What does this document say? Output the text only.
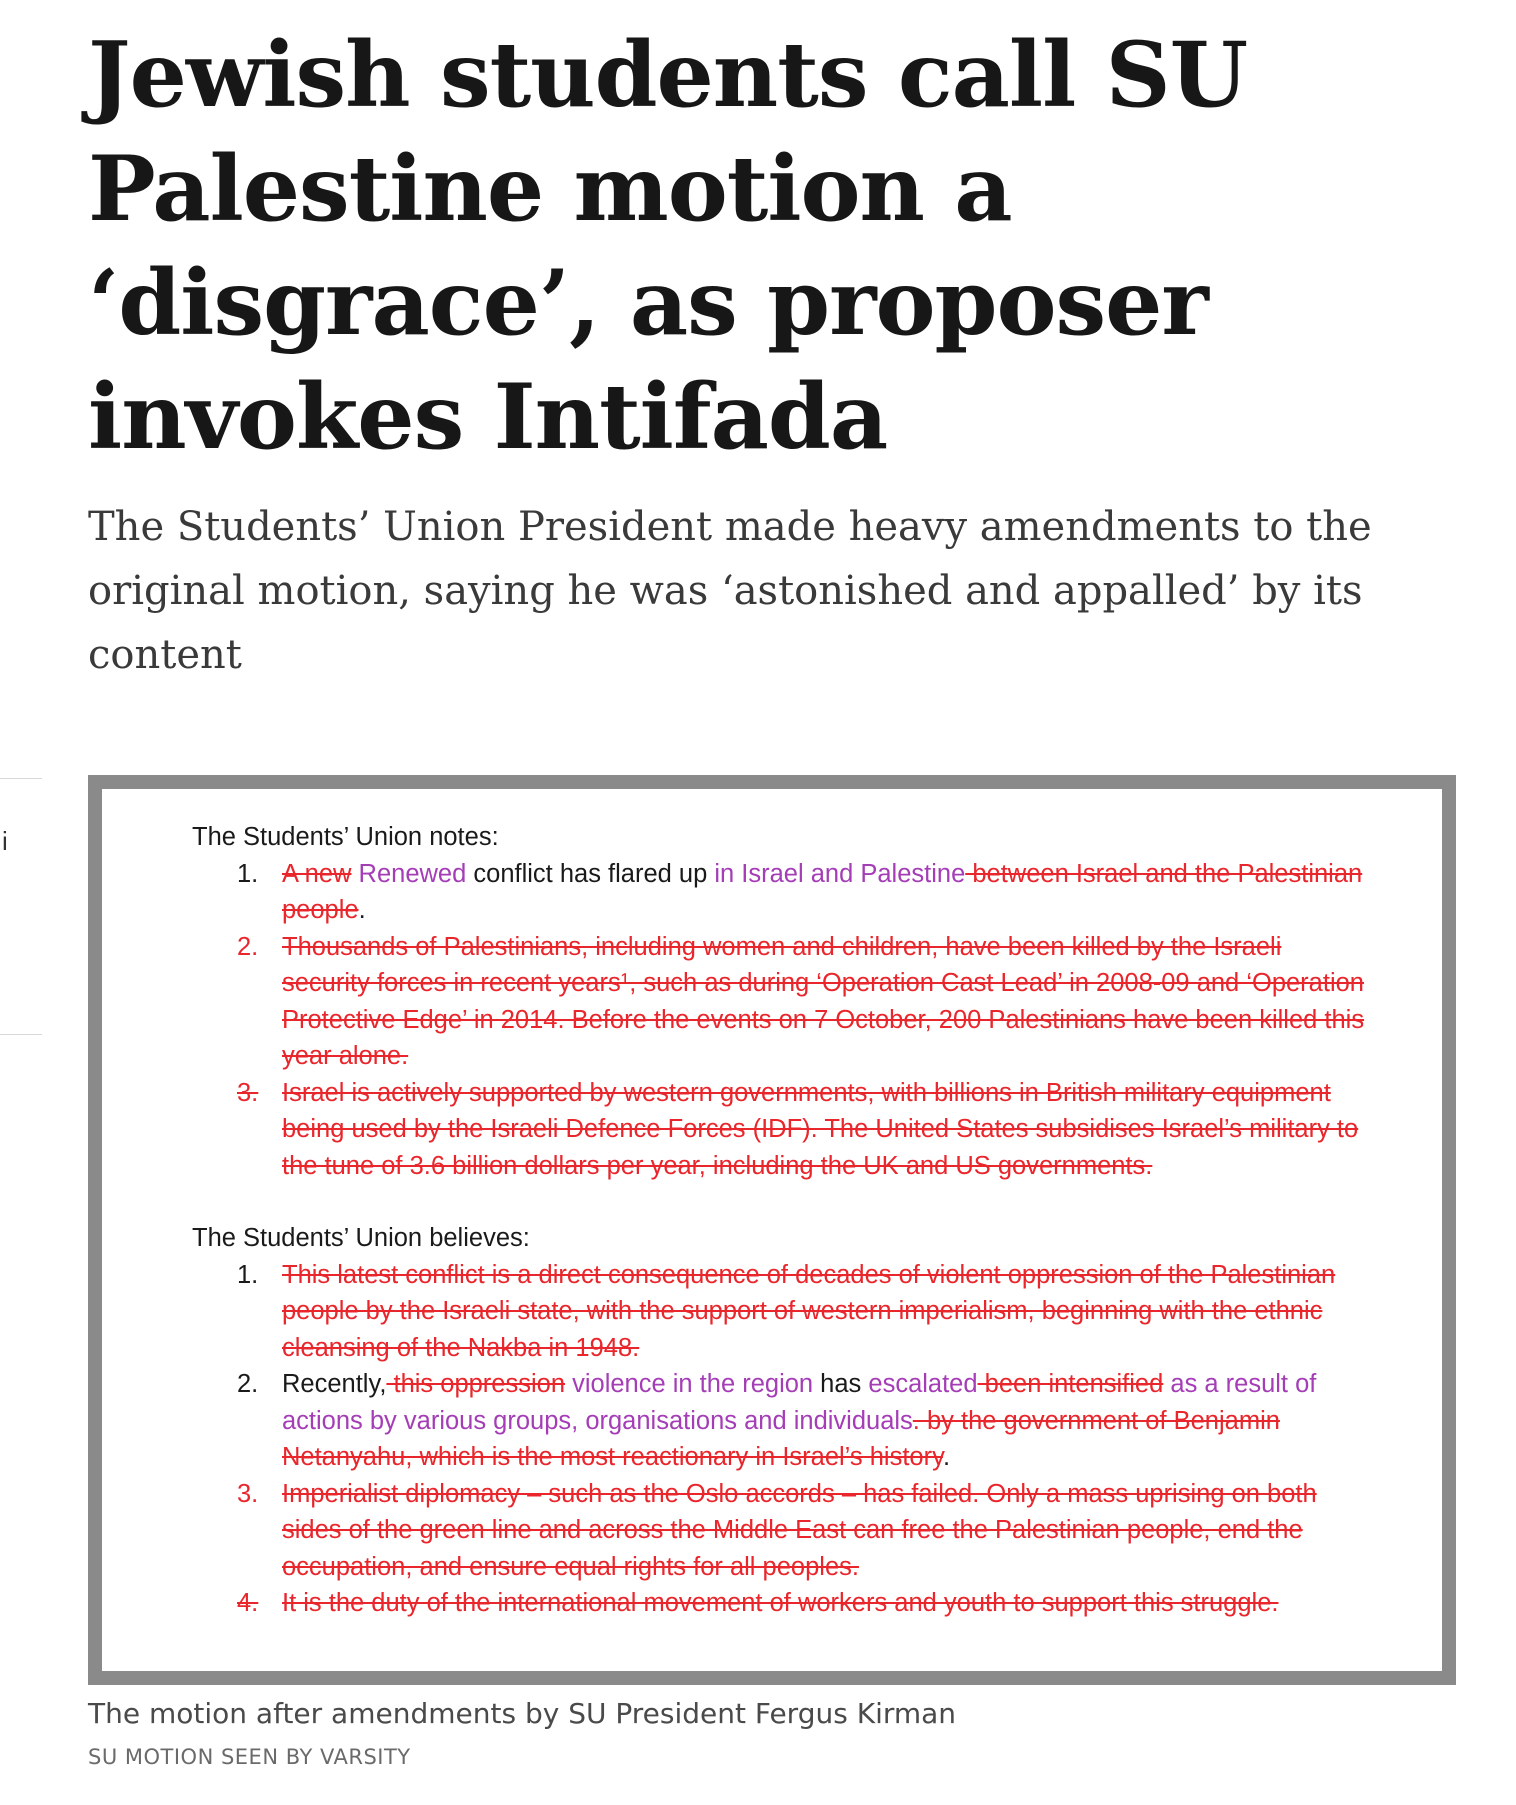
Jewish students call SU Palestine motion a ‘disgrace’, as proposer invokes Intifada

The Students’ Union President made heavy amendments to the original motion, saying he was ‘astonished and appalled’ by its content

i	The Students’ Union notes:

1. A new Renewed conflict has flared up in Israel and Palestine between Israel and the Palestinian people.
2. Thousands of Palestinians, including women and children, have been killed by the Israeli security forces in recent years¹, such as during ‘Operation Cast Lead’ in 2008-09 and ‘Operation Protective Edge’ in 2014. Before the events on 7 October, 200 Palestinians have been killed this year alone.
3. Israel is actively supported by western governments, with billions in British military equipment being used by the Israeli Defence Forces (IDF). The United States subsidises Israel’s military to the tune of 3.6 billion dollars per year, including the UK and US governments.

The Students’ Union believes:

1. This latest conflict is a direct consequence of decades of violent oppression of the Palestinian people by the Israeli state, with the support of western imperialism, beginning with the ethnic cleansing of the Nakba in 1948.
2. Recently, this oppression violence in the region has escalated been intensified as a result of actions by various groups, organisations and individuals. by the government of Benjamin Netanyahu, which is the most reactionary in Israel’s history.
3. Imperialist diplomacy – such as the Oslo accords – has failed. Only a mass uprising on both sides of the green line and across the Middle East can free the Palestinian people, end the occupation, and ensure equal rights for all peoples.
4. It is the duty of the international movement of workers and youth to support this struggle.

The motion after amendments by SU President Fergus Kirman

SU MOTION SEEN BY VARSITY
